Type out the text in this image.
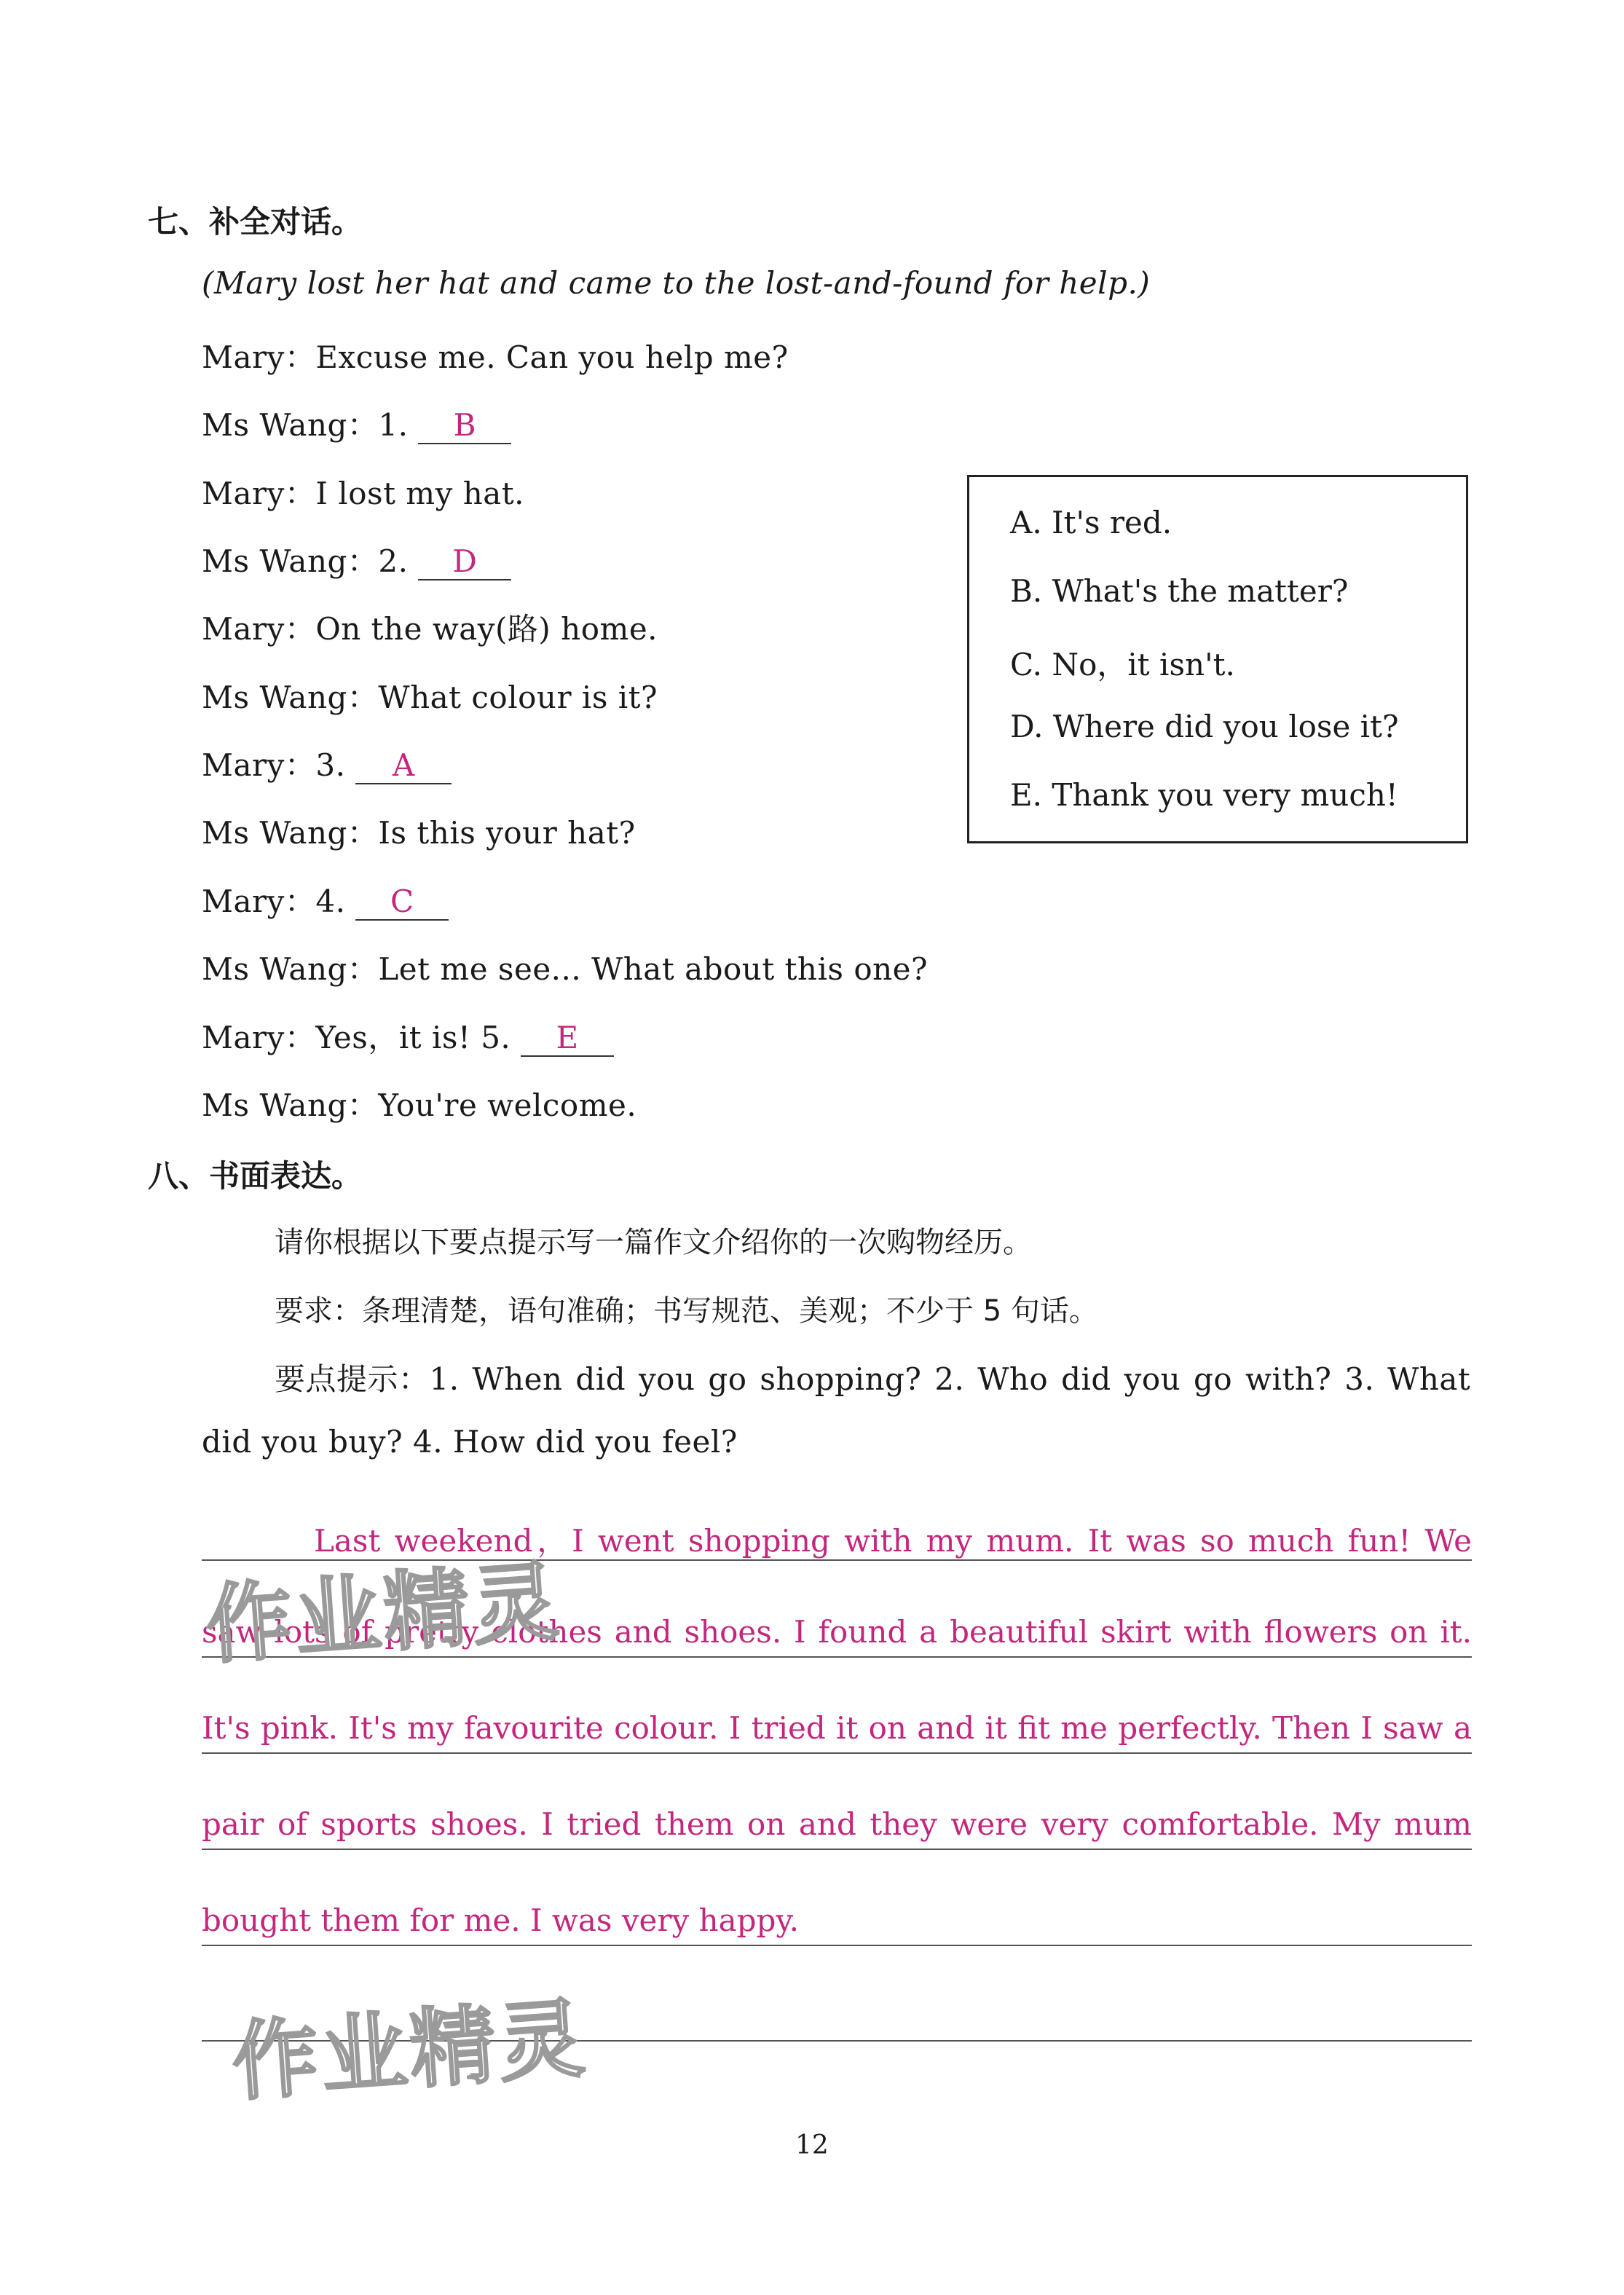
七、补全对话。
(Mary lost her hat and came to the lost-and-found for help.)
Mary：Excuse me. Can you help me?
Ms Wang：1. B
Mary：I lost my hat.
Ms Wang：2. D
Mary：On the way(路) home.
Ms Wang：What colour is it?
Mary：3. A
Ms Wang：Is this your hat?
Mary：4. C
Ms Wang：Let me see... What about this one?
Mary：Yes，it is! 5. E
Ms Wang：You're welcome.
A. It's red.
B. What's the matter?
C. No，it isn't.
D. Where did you lose it?
E. Thank you very much!
八、书面表达。
请你根据以下要点提示写一篇作文介绍你的一次购物经历。
要求：条理清楚，语句准确；书写规范、美观；不少于 5 句话。
要点提示：1. When did you go shopping? 2. Who did you go with? 3. What
did you buy? 4. How did you feel?
Last weekend，I went shopping with my mum. It was so much fun! We
saw lots of pretty clothes and shoes. I found a beautiful skirt with flowers on it.
It's pink. It's my favourite colour. I tried it on and it fit me perfectly. Then I saw a
pair of sports shoes. I tried them on and they were very comfortable. My mum
bought them for me. I was very happy.
作业精灵
作业精灵
12
